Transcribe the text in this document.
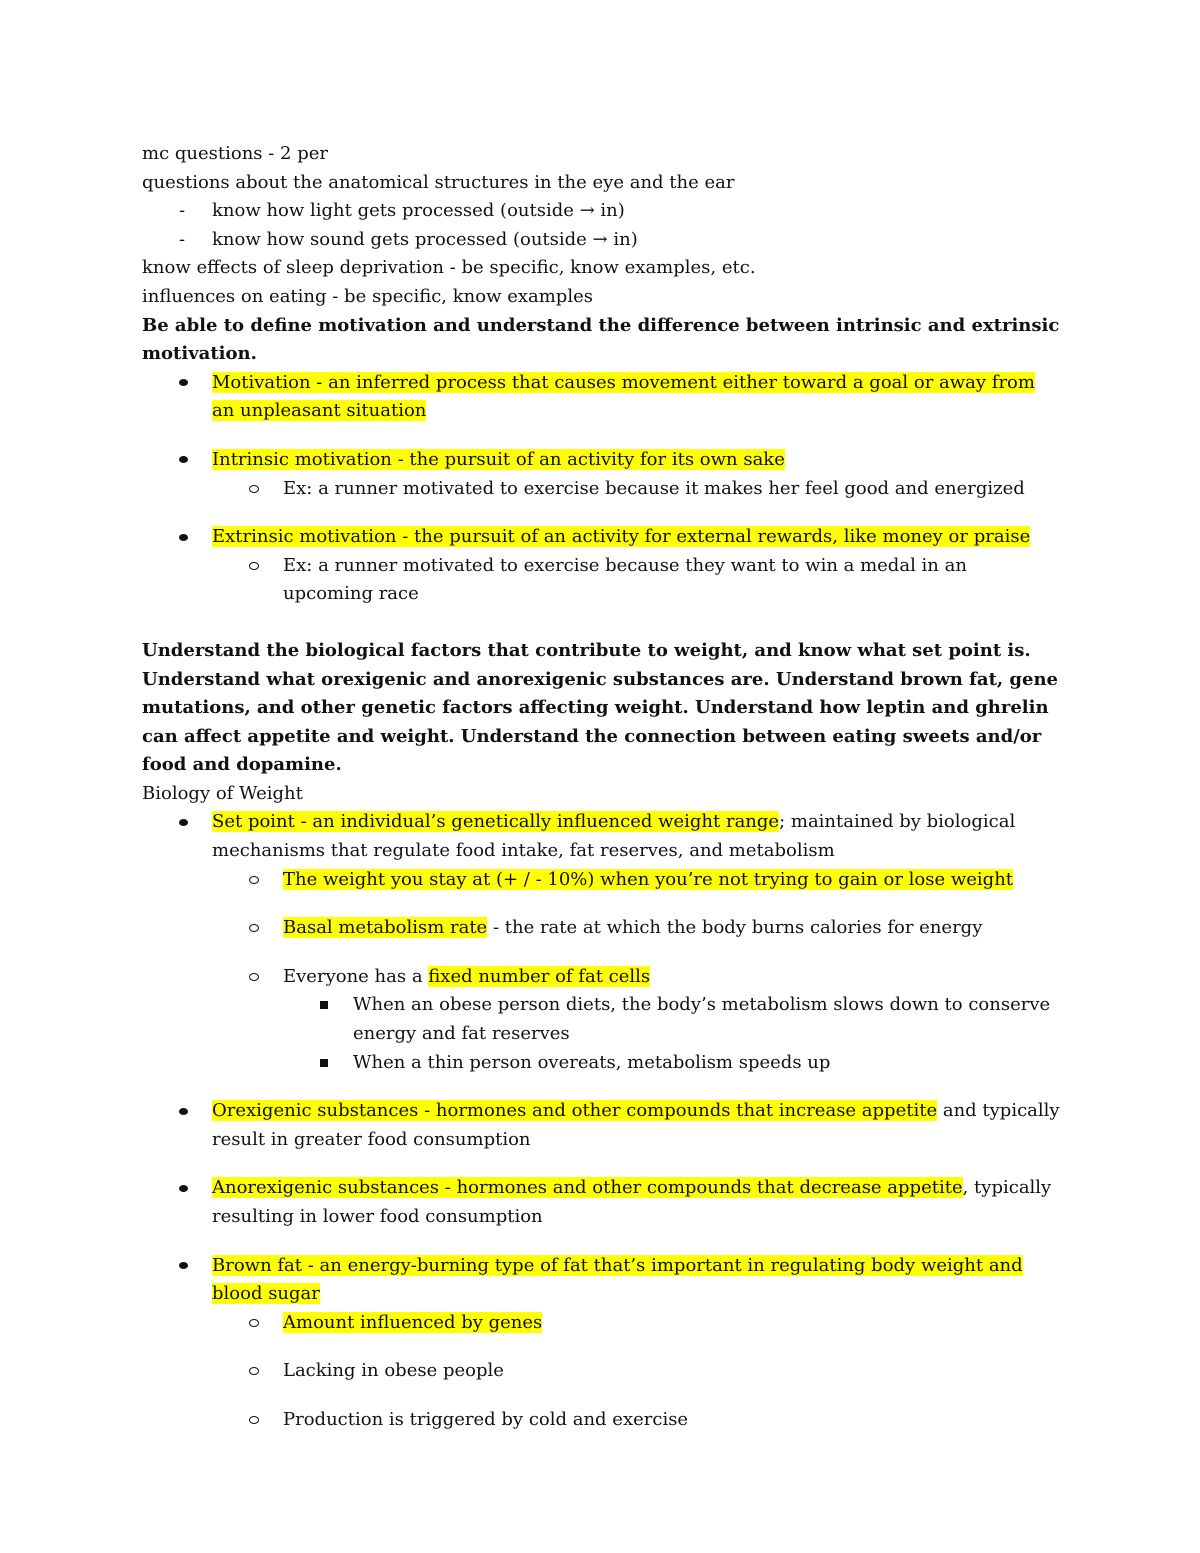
mc questions - 2 per

questions about the anatomical structures in the eye and the ear

-	know how light gets processed (outside → in)
-	know how sound gets processed (outside → in)

know effects of sleep deprivation - be specific, know examples, etc.

influences on eating - be specific, know examples

Be able to define motivation and understand the difference between intrinsic and extrinsic motivation.

Motivation - an inferred process that causes movement either toward a goal or away from an unpleasant situation
Intrinsic motivation - the pursuit of an activity for its own sake
Ex: a runner motivated to exercise because it makes her feel good and energized
Extrinsic motivation - the pursuit of an activity for external rewards, like money or praise
Ex: a runner motivated to exercise because they want to win a medal in an upcoming race

Understand the biological factors that contribute to weight, and know what set point is. Understand what orexigenic and anorexigenic substances are. Understand brown fat, gene mutations, and other genetic factors affecting weight. Understand how leptin and ghrelin can affect appetite and weight. Understand the connection between eating sweets and/or food and dopamine.

Biology of Weight

Set point - an individual’s genetically influenced weight range; maintained by biological mechanisms that regulate food intake, fat reserves, and metabolism
The weight you stay at (+ / - 10%) when you’re not trying to gain or lose weight
Basal metabolism rate - the rate at which the body burns calories for energy
Everyone has a fixed number of fat cells
When an obese person diets, the body’s metabolism slows down to conserve energy and fat reserves
When a thin person overeats, metabolism speeds up
Orexigenic substances - hormones and other compounds that increase appetite and typically result in greater food consumption
Anorexigenic substances - hormones and other compounds that decrease appetite, typically resulting in lower food consumption
Brown fat - an energy-burning type of fat that’s important in regulating body weight and blood sugar
Amount influenced by genes
Lacking in obese people
Production is triggered by cold and exercise
